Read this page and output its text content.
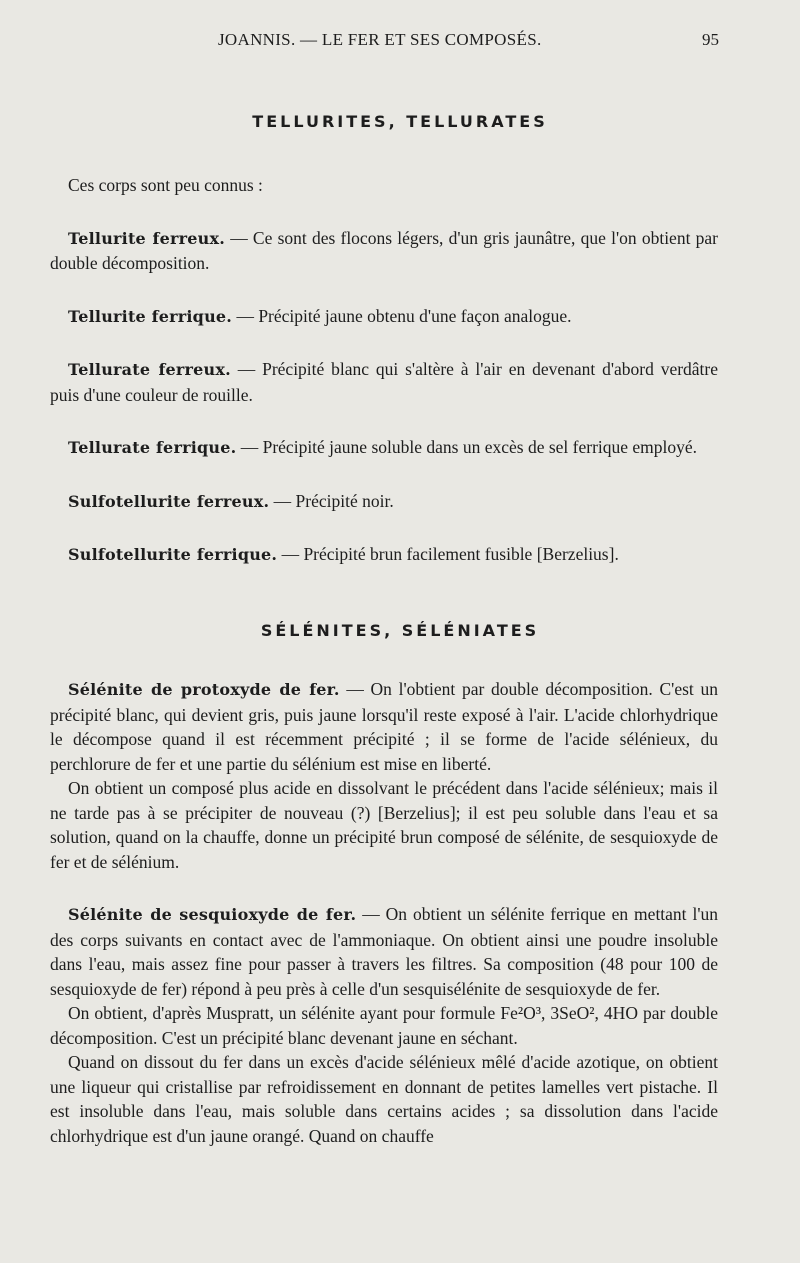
JOANNIS. — LE FER ET SES COMPOSÉS.	95
TELLURITES, TELLURATES

Ces corps sont peu connus :

Tellurite ferreux. — Ce sont des flocons légers, d'un gris jaunâtre, que l'on obtient par double décomposition.

Tellurite ferrique. — Précipité jaune obtenu d'une façon analogue.

Tellurate ferreux. — Précipité blanc qui s'altère à l'air en devenant d'abord verdâtre puis d'une couleur de rouille.

Tellurate ferrique. — Précipité jaune soluble dans un excès de sel ferrique employé.

Sulfotellurite ferreux. — Précipité noir.

Sulfotellurite ferrique. — Précipité brun facilement fusible [Berzelius].

SÉLÉNITES, SÉLÉNIATES

Sélénite de protoxyde de fer. — On l'obtient par double décomposition. C'est un précipité blanc, qui devient gris, puis jaune lorsqu'il reste exposé à l'air. L'acide chlorhydrique le décompose quand il est récemment précipité ; il se forme de l'acide sélénieux, du perchlorure de fer et une partie du sélénium est mise en liberté.

On obtient un composé plus acide en dissolvant le précédent dans l'acide sélénieux; mais il ne tarde pas à se précipiter de nouveau (?) [Berzelius]; il est peu soluble dans l'eau et sa solution, quand on la chauffe, donne un précipité brun composé de sélénite, de sesquioxyde de fer et de sélénium.

Sélénite de sesquioxyde de fer. — On obtient un sélénite ferrique en mettant l'un des corps suivants en contact avec de l'ammoniaque. On obtient ainsi une poudre insoluble dans l'eau, mais assez fine pour passer à travers les filtres. Sa composition (48 pour 100 de sesquioxyde de fer) répond à peu près à celle d'un sesquisélénite de sesquioxyde de fer.

On obtient, d'après Muspratt, un sélénite ayant pour formule Fe²O³, 3SeO², 4HO par double décomposition. C'est un précipité blanc devenant jaune en séchant.

Quand on dissout du fer dans un excès d'acide sélénieux mêlé d'acide azotique, on obtient une liqueur qui cristallise par refroidissement en donnant de petites lamelles vert pistache. Il est insoluble dans l'eau, mais soluble dans certains acides ; sa dissolution dans l'acide chlorhydrique est d'un jaune orangé. Quand on chauffe
